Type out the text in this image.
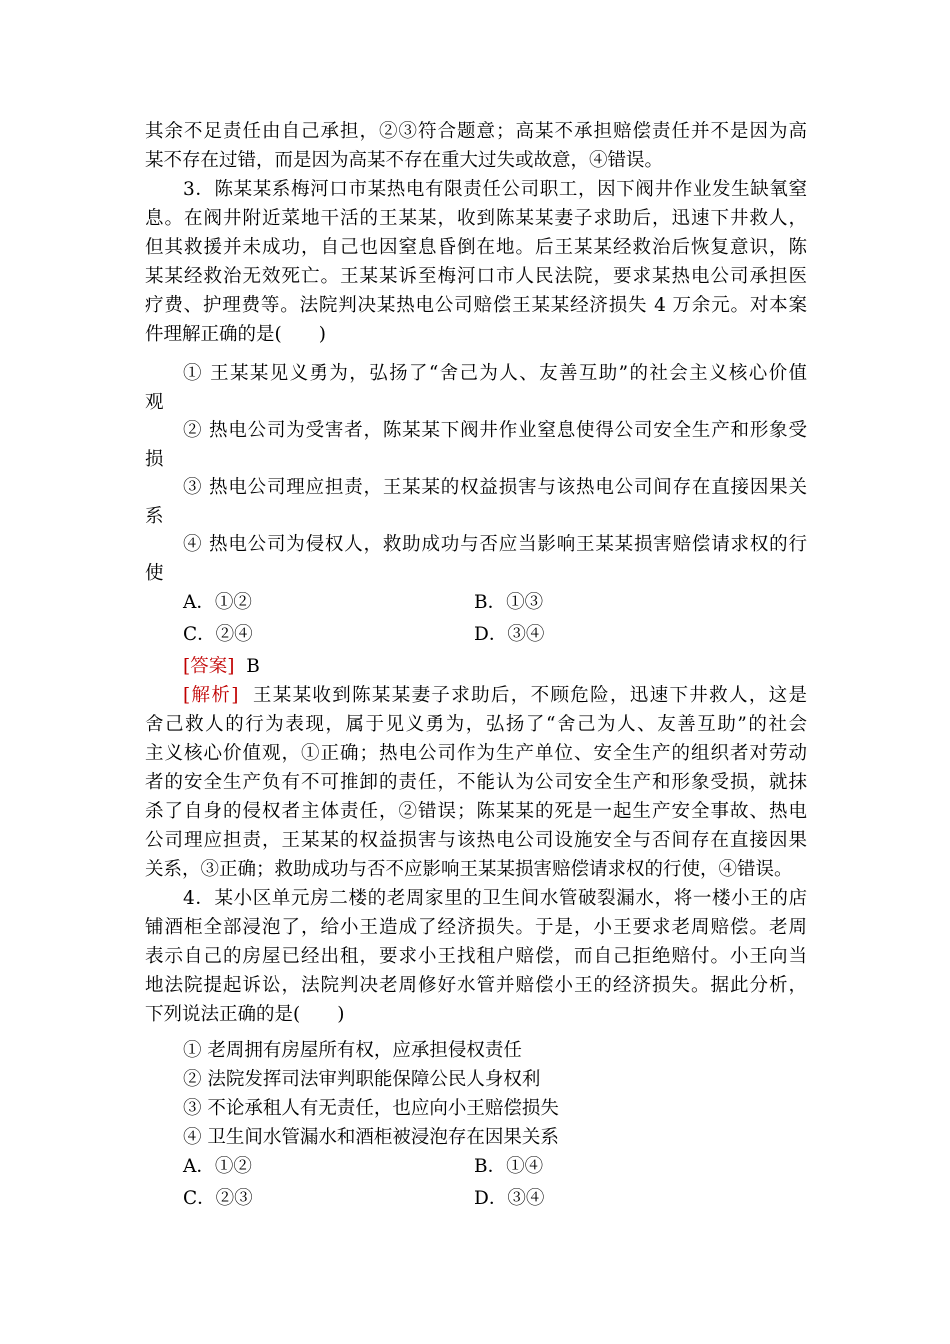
其余不足责任由自己承担，②③符合题意；高某不承担赔偿责任并不是因为高
某不存在过错，而是因为高某不存在重大过失或故意，④错误。
3．陈某某系梅河口市某热电有限责任公司职工，因下阀井作业发生缺氧窒
息。在阀井附近菜地干活的王某某，收到陈某某妻子求助后，迅速下井救人，
但其救援并未成功，自己也因窒息昏倒在地。后王某某经救治后恢复意识，陈
某某经救治无效死亡。王某某诉至梅河口市人民法院，要求某热电公司承担医
疗费、护理费等。法院判决某热电公司赔偿王某某经济损失 4 万余元。对本案
件理解正确的是(　　)
① 王某某见义勇为，弘扬了“舍己为人、友善互助”的社会主义核心价值
观
② 热电公司为受害者，陈某某下阀井作业窒息使得公司安全生产和形象受
损
③ 热电公司理应担责，王某某的权益损害与该热电公司间存在直接因果关
系
④ 热电公司为侵权人，救助成功与否应当影响王某某损害赔偿请求权的行
使
A．①②	B．①③
C．②④	D．③④
[答案] B
[解析] 王某某收到陈某某妻子求助后，不顾危险，迅速下井救人，这是
舍己救人的行为表现，属于见义勇为，弘扬了“舍己为人、友善互助”的社会
主义核心价值观，①正确；热电公司作为生产单位、安全生产的组织者对劳动
者的安全生产负有不可推卸的责任，不能认为公司安全生产和形象受损，就抹
杀了自身的侵权者主体责任，②错误；陈某某的死是一起生产安全事故、热电
公司理应担责，王某某的权益损害与该热电公司设施安全与否间存在直接因果
关系，③正确；救助成功与否不应影响王某某损害赔偿请求权的行使，④错误。
4．某小区单元房二楼的老周家里的卫生间水管破裂漏水，将一楼小王的店
铺酒柜全部浸泡了，给小王造成了经济损失。于是，小王要求老周赔偿。老周
表示自己的房屋已经出租，要求小王找租户赔偿，而自己拒绝赔付。小王向当
地法院提起诉讼，法院判决老周修好水管并赔偿小王的经济损失。据此分析，
下列说法正确的是(　　)
① 老周拥有房屋所有权，应承担侵权责任
② 法院发挥司法审判职能保障公民人身权利
③ 不论承租人有无责任，也应向小王赔偿损失
④ 卫生间水管漏水和酒柜被浸泡存在因果关系
A．①②	B．①④
C．②③	D．③④
